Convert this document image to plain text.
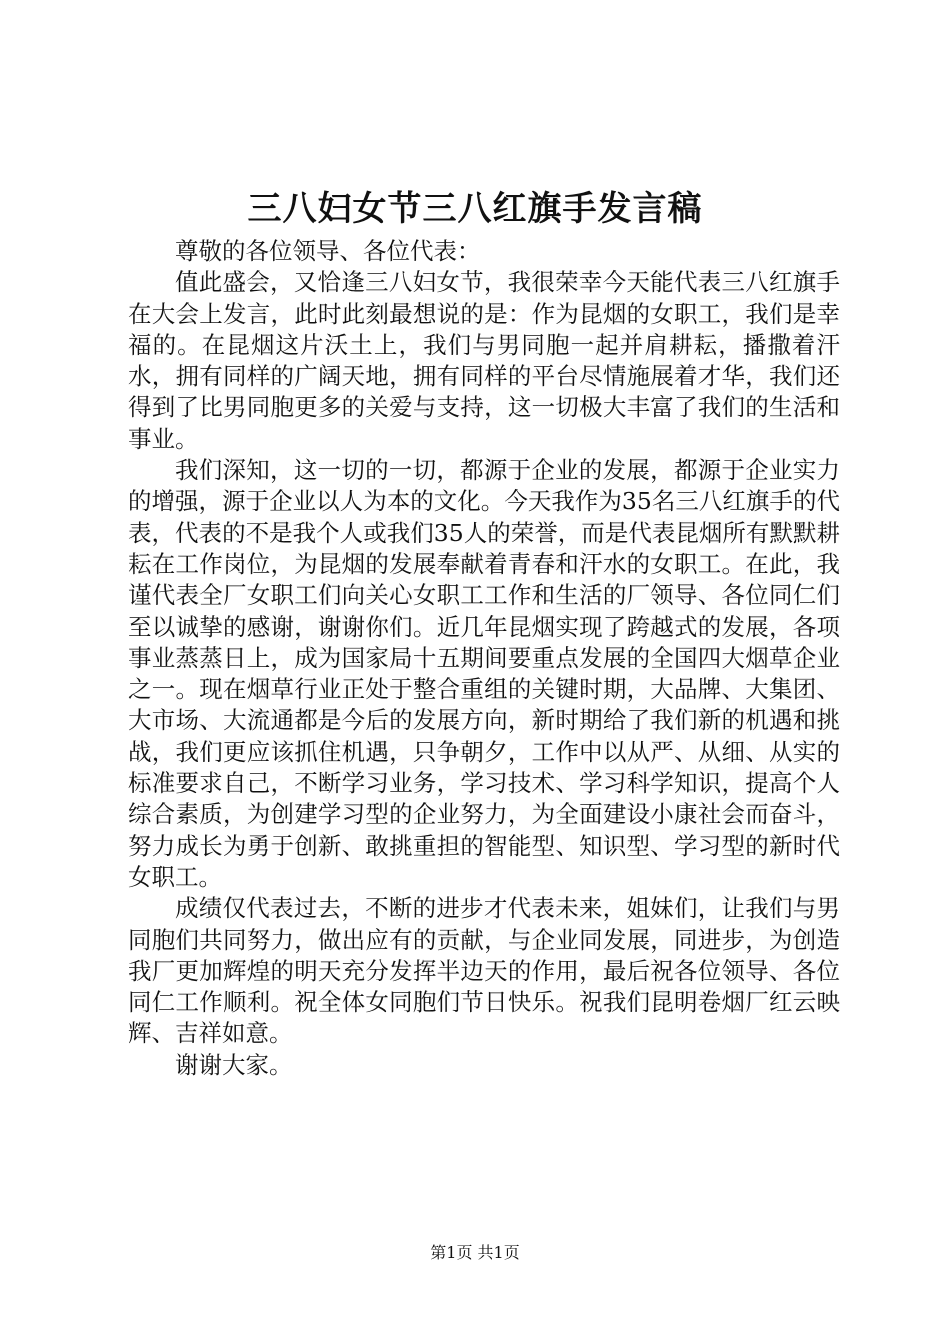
三八妇女节三八红旗手发言稿

尊敬的各位领导、各位代表：

值此盛会，又恰逢三八妇女节，我很荣幸今天能代表三八红旗手在大会上发言，此时此刻最想说的是：作为昆烟的女职工，我们是幸福的。在昆烟这片沃土上，我们与男同胞一起并肩耕耘，播撒着汗水，拥有同样的广阔天地，拥有同样的平台尽情施展着才华，我们还得到了比男同胞更多的关爱与支持，这一切极大丰富了我们的生活和事业。

我们深知，这一切的一切，都源于企业的发展，都源于企业实力的增强，源于企业以人为本的文化。今天我作为35名三八红旗手的代表，代表的不是我个人或我们35人的荣誉，而是代表昆烟所有默默耕耘在工作岗位，为昆烟的发展奉献着青春和汗水的女职工。在此，我谨代表全厂女职工们向关心女职工工作和生活的厂领导、各位同仁们至以诚挚的感谢，谢谢你们。近几年昆烟实现了跨越式的发展，各项事业蒸蒸日上，成为国家局十五期间要重点发展的全国四大烟草企业之一。现在烟草行业正处于整合重组的关键时期，大品牌、大集团、大市场、大流通都是今后的发展方向，新时期给了我们新的机遇和挑战，我们更应该抓住机遇，只争朝夕，工作中以从严、从细、从实的标准要求自己，不断学习业务，学习技术、学习科学知识，提高个人综合素质，为创建学习型的企业努力，为全面建设小康社会而奋斗，努力成长为勇于创新、敢挑重担的智能型、知识型、学习型的新时代女职工。

成绩仅代表过去，不断的进步才代表未来，姐妹们，让我们与男同胞们共同努力，做出应有的贡献，与企业同发展，同进步，为创造我厂更加辉煌的明天充分发挥半边天的作用，最后祝各位领导、各位同仁工作顺利。祝全体女同胞们节日快乐。祝我们昆明卷烟厂红云映辉、吉祥如意。

谢谢大家。

第1页 共1页
